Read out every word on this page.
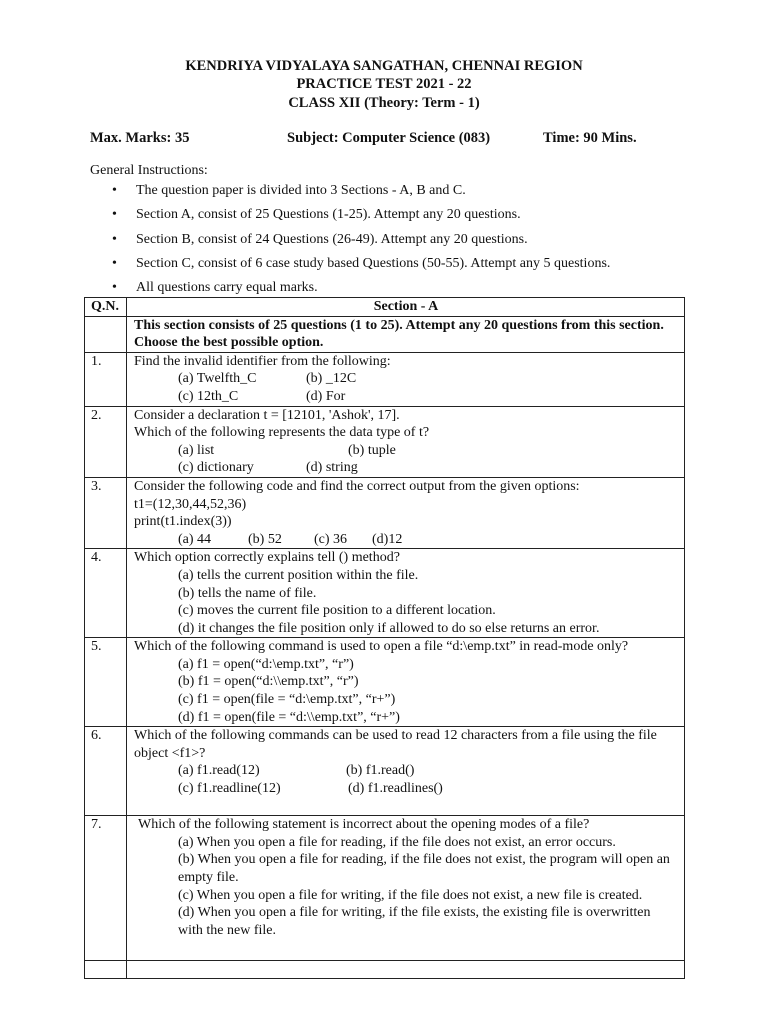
KENDRIYA VIDYALAYA SANGATHAN, CHENNAI REGION
PRACTICE TEST 2021 - 22
CLASS XII (Theory: Term - 1)
Max. Marks: 35	Subject: Computer Science (083)	Time: 90 Mins.
General Instructions:
• The question paper is divided into 3 Sections - A, B and C.
• Section A, consist of 25 Questions (1-25). Attempt any 20 questions.
• Section B, consist of 24 Questions (26-49). Attempt any 20 questions.
• Section C, consist of 6 case study based Questions (50-55). Attempt any 5 questions.
• All questions carry equal marks.
Q.N.	Section - A
	This section consists of 25 questions (1 to 25). Attempt any 20 questions from this section. Choose the best possible option.
1.	Find the invalid identifier from the following:
(a) Twelfth_C (b) _12C
(c) 12th_C (d) For

2.	Consider a declaration t = [12101, 'Ashok', 17].
Which of the following represents the data type of t?
(a) list (b) tuple
(c) dictionary (d) string

3.	Consider the following code and find the correct output from the given options:
t1=(12,30,44,52,36)
print(t1.index(3))
(a) 44 (b) 52 (c) 36 (d)12

4.	Which option correctly explains tell () method?
(a) tells the current position within the file.
(b) tells the name of file.
(c) moves the current file position to a different location.
(d) it changes the file position only if allowed to do so else returns an error.

5.	Which of the following command is used to open a file “d:\emp.txt” in read-mode only?
(a) f1 = open(“d:\emp.txt”, “r”)
(b) f1 = open(“d:\\emp.txt”, “r”)
(c) f1 = open(file = “d:\emp.txt”, “r+”)
(d) f1 = open(file = “d:\\emp.txt”, “r+”)

6.	Which of the following commands can be used to read 12 characters from a file using the file object <f1>?
(a) f1.read(12) (b) f1.read()
(c) f1.readline(12) (d) f1.readlines()

7.	Which of the following statement is incorrect about the opening modes of a file?
(a) When you open a file for reading, if the file does not exist, an error occurs.
(b) When you open a file for reading, if the file does not exist, the program will open an empty file.
(c) When you open a file for writing, if the file does not exist, a new file is created.
(d) When you open a file for writing, if the file exists, the existing file is overwritten with the new file.
